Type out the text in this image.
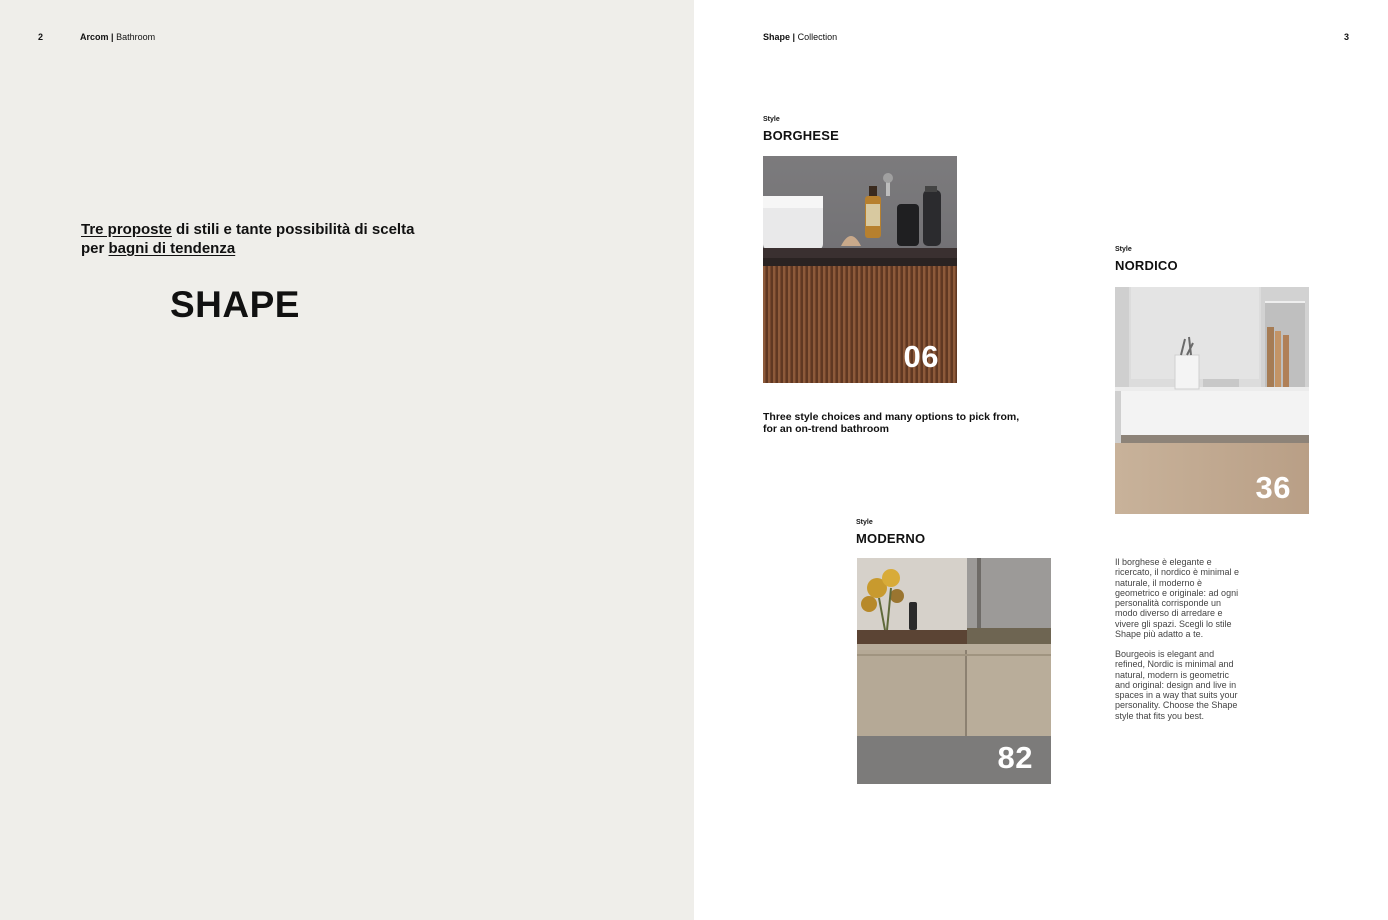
2	Arcom | Bathroom
Tre proposte di stili e tante possibilità di scelta
per bagni di tendenza
SHAPE
Shape | Collection	3
Style
BORGHESE
06
Three style choices and many options to pick from,
for an on-trend bathroom
Style
NORDICO
36
Style
MODERNO
82
Il borghese è elegante e ricercato, il nordico è minimal e naturale, il moderno è geometrico e originale: ad ogni personalità corrisponde un modo diverso di arredare e vivere gli spazi. Scegli lo stile Shape più adatto a te.
Bourgeois is elegant and refined, Nordic is minimal and natural, modern is geometric and original: design and live in spaces in a way that suits your personality. Choose the Shape style that fits you best.
